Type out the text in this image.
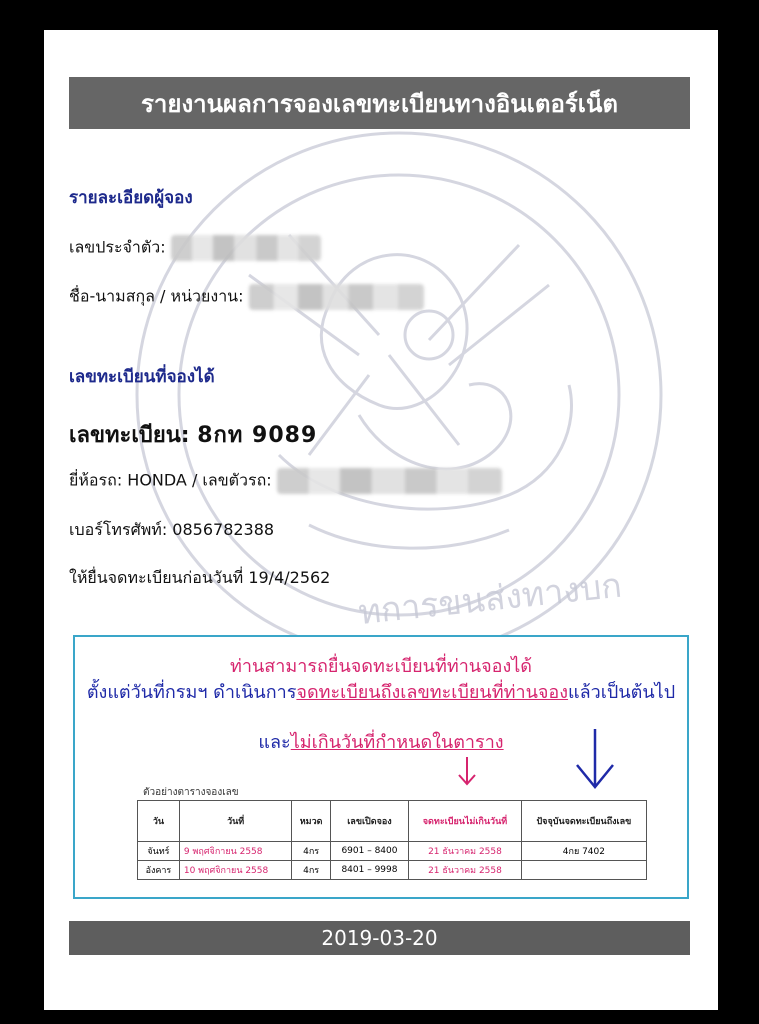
ทการขนส่งทางบก
รายงานผลการจองเลขทะเบียนทางอินเตอร์เน็ต
รายละเอียดผู้จอง
เลขประจำตัว:
ชื่อ-นามสกุล / หน่วยงาน:
เลขทะเบียนที่จองได้
เลขทะเบียน: 8กท 9089
ยี่ห้อรถ: HONDA / เลขตัวรถ:
เบอร์โทรศัพท์: 0856782388
ให้ยื่นจดทะเบียนก่อนวันที่ 19/4/2562
ท่านสามารถยื่นจดทะเบียนที่ท่านจองได้
ตั้งแต่วันที่กรมฯ ดำเนินการจดทะเบียนถึงเลขทะเบียนที่ท่านจองแล้วเป็นต้นไป
และไม่เกินวันที่กำหนดในตาราง
ตัวอย่างตารางจองเลข
วัน	วันที่	หมวด	เลขเปิดจอง	จดทะเบียนไม่เกินวันที่	ปัจจุบันจดทะเบียนถึงเลข
จันทร์	9 พฤศจิกายน 2558	4กร	6901 – 8400	21 ธันวาคม 2558	4กย 7402
อังคาร	10 พฤศจิกายน 2558	4กร	8401 – 9998	21 ธันวาคม 2558	
2019-03-20
